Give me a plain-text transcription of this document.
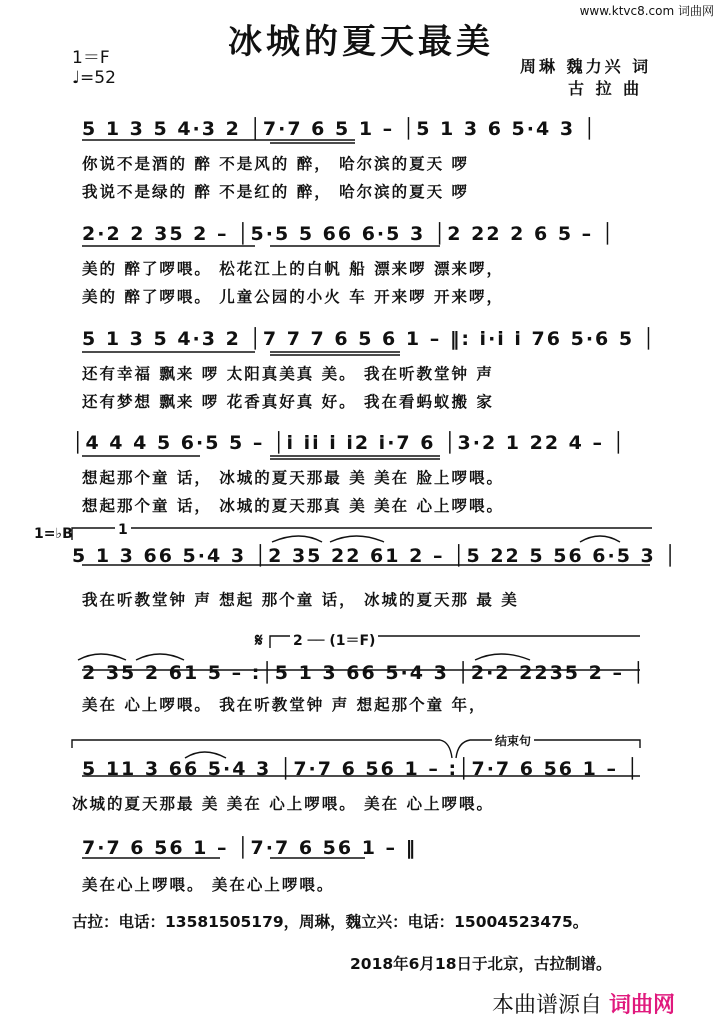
www.ktvc8.com 词曲网
冰城的夏天最美
1＝F
♩=52
周琳 魏力兴 词
古 拉 曲
5 1 3 5 4·3 2 │7·7 6 5 1 – │5 1 3 6 5·4 3 │
你说不是酒的 醉 不是风的 醉， 哈尔滨的夏天 啰
我说不是绿的 醉 不是红的 醉， 哈尔滨的夏天 啰
2·2 2 35 2 – │5·5 5 66 6·5 3 │2 22 2 6 5 – │
美的 醉了啰喂。 松花江上的白帆 船 漂来啰 漂来啰，
美的 醉了啰喂。 儿童公园的小火 车 开来啰 开来啰，
5 1 3 5 4·3 2 │7 7 7 6 5 6 1 – ‖: i·i i 76 5·6 5 │
还有幸福 飘来 啰 太阳真美真 美。 我在听教堂钟 声
还有梦想 飘来 啰 花香真好真 好。 我在看蚂蚁搬 家
│4 4 4 5 6·5 5 – │i ii i i2 i·7 6 │3·2 1 22 4 – │
想起那个童 话， 冰城的夏天那最 美 美在 脸上啰喂。
想起那个童 话， 冰城的夏天那真 美 美在 心上啰喂。
1=♭B	1
5 1 3 66 5·4 3 │2 35 22 61 2 – │5 22 5 56 6·5 3 │
我在听教堂钟 声 想起 那个童 话， 冰城的夏天那 最 美
𝄋 2 ── (1＝F)
2 35 2 61 5 – :│5 1 3 66 5·4 3 │2·2 2235 2 – │
美在 心上啰喂。 我在听教堂钟 声 想起那个童 年，
结束句
5 11 3 66 5·4 3 │7·7 6 56 1 – :│7·7 6 56 1 – │
冰城的夏天那最 美 美在 心上啰喂。 美在 心上啰喂。
7·7 6 56 1 – │7·7 6 56 1 – ‖
美在心上啰喂。 美在心上啰喂。
古拉：电话：13581505179，周琳，魏立兴：电话：15004523475。
2018年6月18日于北京，古拉制谱。
本曲谱源自 词曲网
